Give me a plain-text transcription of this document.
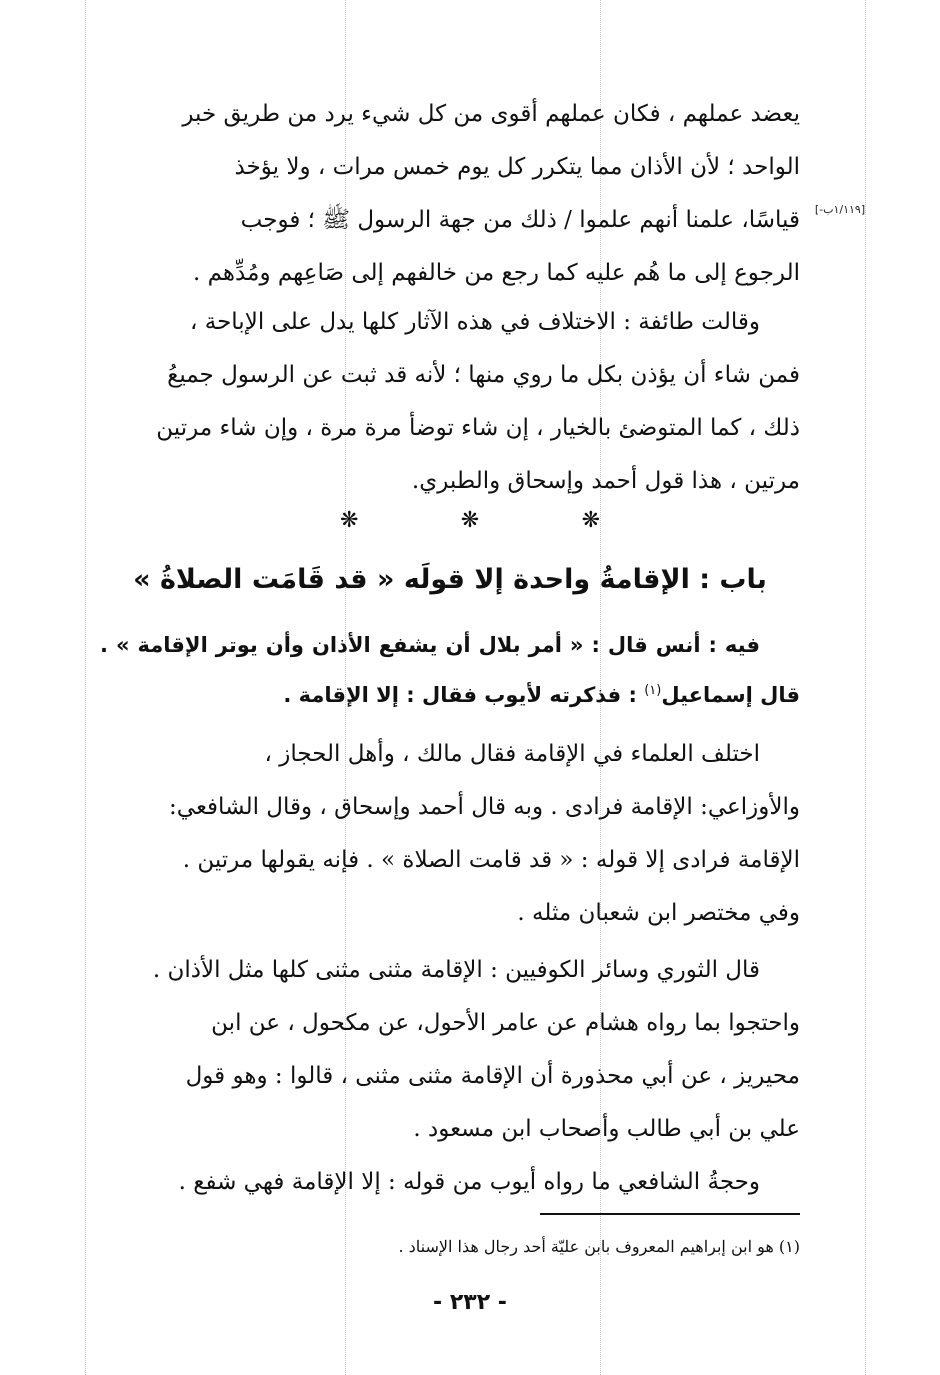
[١/١١٩ب-]
يعضد عملهم ، فكان عملهم أقوى من كل شيء يرد من طريق خبر
الواحد ؛ لأن الأذان مما يتكرر كل يوم خمس مرات ، ولا يؤخذ
قياسًا، علمنا أنهم علموا / ذلك من جهة الرسول ﷺ ؛ فوجب
الرجوع إلى ما هُم عليه كما رجع من خالفهم إلى صَاعِهم ومُدِّهم .
وقالت طائفة : الاختلاف في هذه الآثار كلها يدل على الإباحة ،
فمن شاء أن يؤذن بكل ما روي منها ؛ لأنه قد ثبت عن الرسول جميعُ
ذلك ، كما المتوضئ بالخيار ، إن شاء توضأ مرة مرة ، وإن شاء مرتين
مرتين ، هذا قول أحمد وإسحاق والطبري.
❋	❋	❋
باب : الإقامةُ واحدة إلا قولَه « قد قَامَت الصلاةُ »

فيه : أنس قال : « أمر بلال أن يشفع الأذان وأن يوتر الإقامة » . قال إسماعيل$^{(١)}$ : فذكرته لأيوب فقال : إلا الإقامة .

اختلف العلماء في الإقامة فقال مالك ، وأهل الحجاز ،
والأوزاعي: الإقامة فرادى . وبه قال أحمد وإسحاق ، وقال الشافعي:
الإقامة فرادى إلا قوله : « قد قامت الصلاة » . فإنه يقولها مرتين .
وفي مختصر ابن شعبان مثله .
قال الثوري وسائر الكوفيين : الإقامة مثنى مثنى كلها مثل الأذان .
واحتجوا بما رواه هشام عن عامر الأحول، عن مكحول ، عن ابن
محيريز ، عن أبي محذورة أن الإقامة مثنى مثنى ، قالوا : وهو قول
علي بن أبي طالب وأصحاب ابن مسعود .
وحجةُ الشافعي ما رواه أيوب من قوله : إلا الإقامة فهي شفع .
(١) هو ابن إبراهيم المعروف بابن عليّة أحد رجال هذا الإسناد .
- ٢٣٢ -
